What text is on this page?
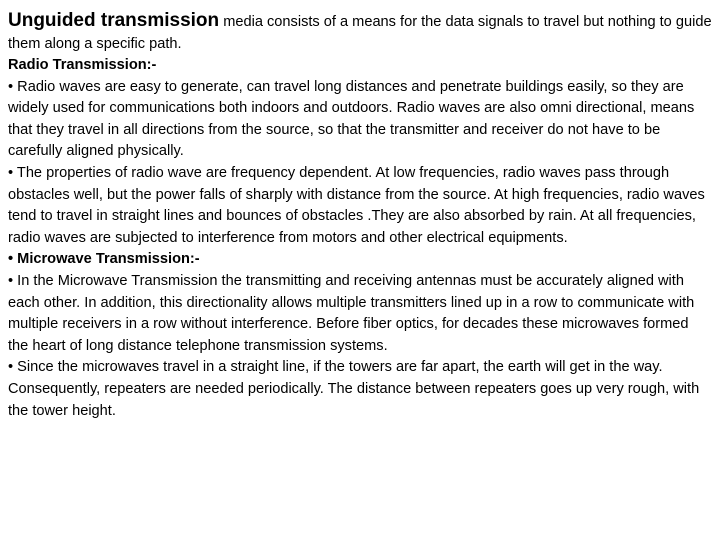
Unguided transmission media consists of a means for the data signals to travel but nothing to guide them along a specific path.

Radio Transmission:-
• Radio waves are easy to generate, can travel long distances and penetrate buildings easily, so they are widely used for communications both indoors and outdoors. Radio waves are also omni directional, means that they travel in all directions from the source, so that the transmitter and receiver do not have to be carefully aligned physically.
• The properties of radio wave are frequency dependent. At low frequencies, radio waves pass through obstacles well, but the power falls of sharply with distance from the source. At high frequencies, radio waves tend to travel in straight lines and bounces of obstacles .They are also absorbed by rain. At all frequencies, radio waves are subjected to interference from motors and other electrical equipments.
• Microwave Transmission:-
• In the Microwave Transmission the transmitting and receiving antennas must be accurately aligned with each other. In addition, this directionality allows multiple transmitters lined up in a row to communicate with multiple receivers in a row without interference. Before fiber optics, for decades these microwaves formed the heart of long distance telephone transmission systems.
• Since the microwaves travel in a straight line, if the towers are far apart, the earth will get in the way. Consequently, repeaters are needed periodically. The distance between repeaters goes up very rough, with the tower height.
